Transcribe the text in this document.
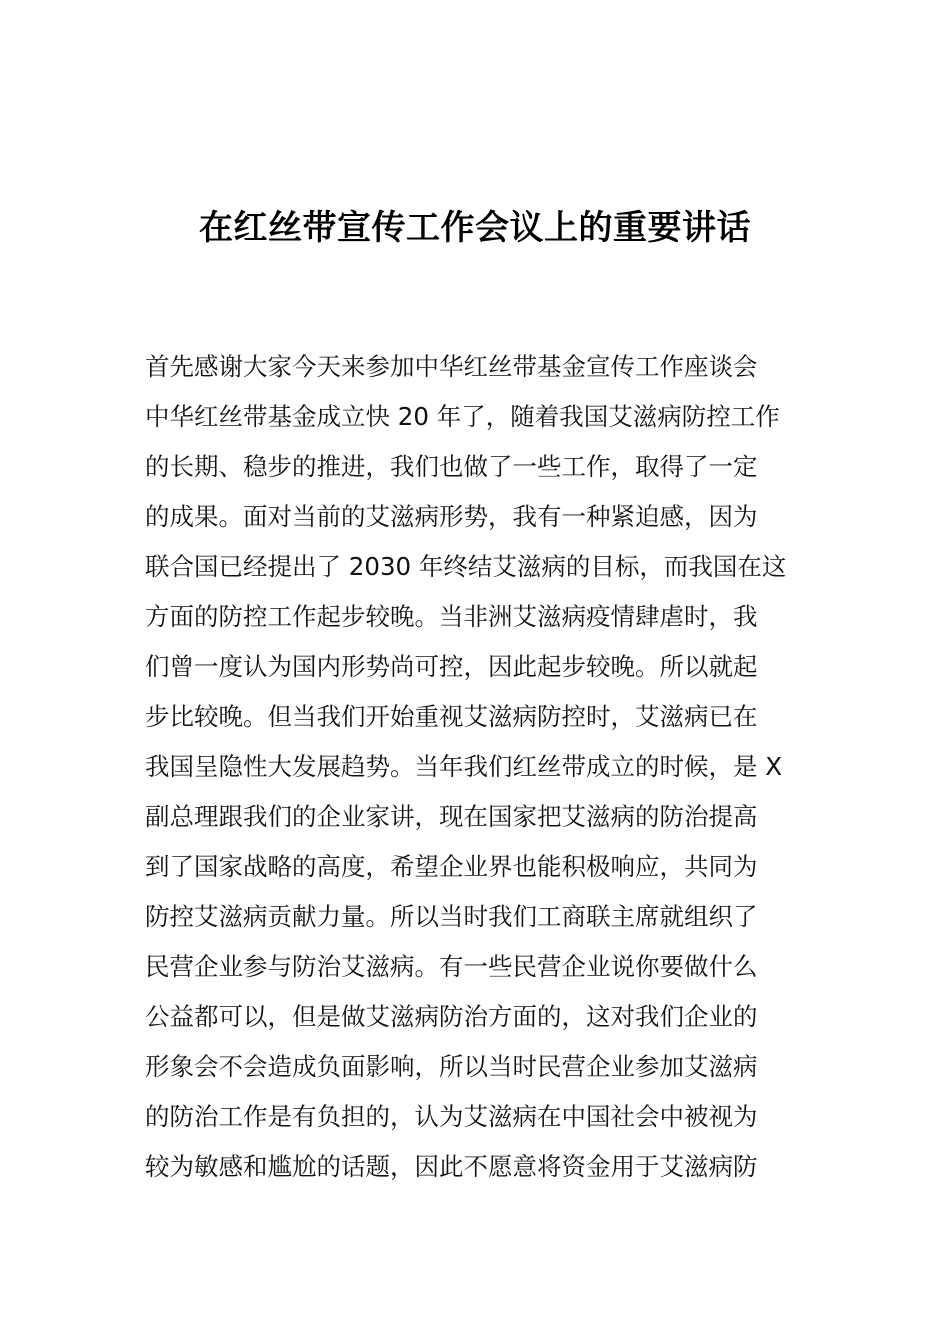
在红丝带宣传工作会议上的重要讲话
首先感谢大家今天来参加中华红丝带基金宣传工作座谈会
中华红丝带基金成立快 20 年了，随着我国艾滋病防控工作
的长期、稳步的推进，我们也做了一些工作，取得了一定
的成果。面对当前的艾滋病形势，我有一种紧迫感，因为
联合国已经提出了 2030 年终结艾滋病的目标，而我国在这
方面的防控工作起步较晚。当非洲艾滋病疫情肆虐时，我
们曾一度认为国内形势尚可控，因此起步较晚。所以就起
步比较晚。但当我们开始重视艾滋病防控时，艾滋病已在
我国呈隐性大发展趋势。当年我们红丝带成立的时候，是 X
副总理跟我们的企业家讲，现在国家把艾滋病的防治提高
到了国家战略的高度，希望企业界也能积极响应，共同为
防控艾滋病贡献力量。所以当时我们工商联主席就组织了
民营企业参与防治艾滋病。有一些民营企业说你要做什么
公益都可以，但是做艾滋病防治方面的，这对我们企业的
形象会不会造成负面影响，所以当时民营企业参加艾滋病
的防治工作是有负担的，认为艾滋病在中国社会中被视为
较为敏感和尴尬的话题，因此不愿意将资金用于艾滋病防
